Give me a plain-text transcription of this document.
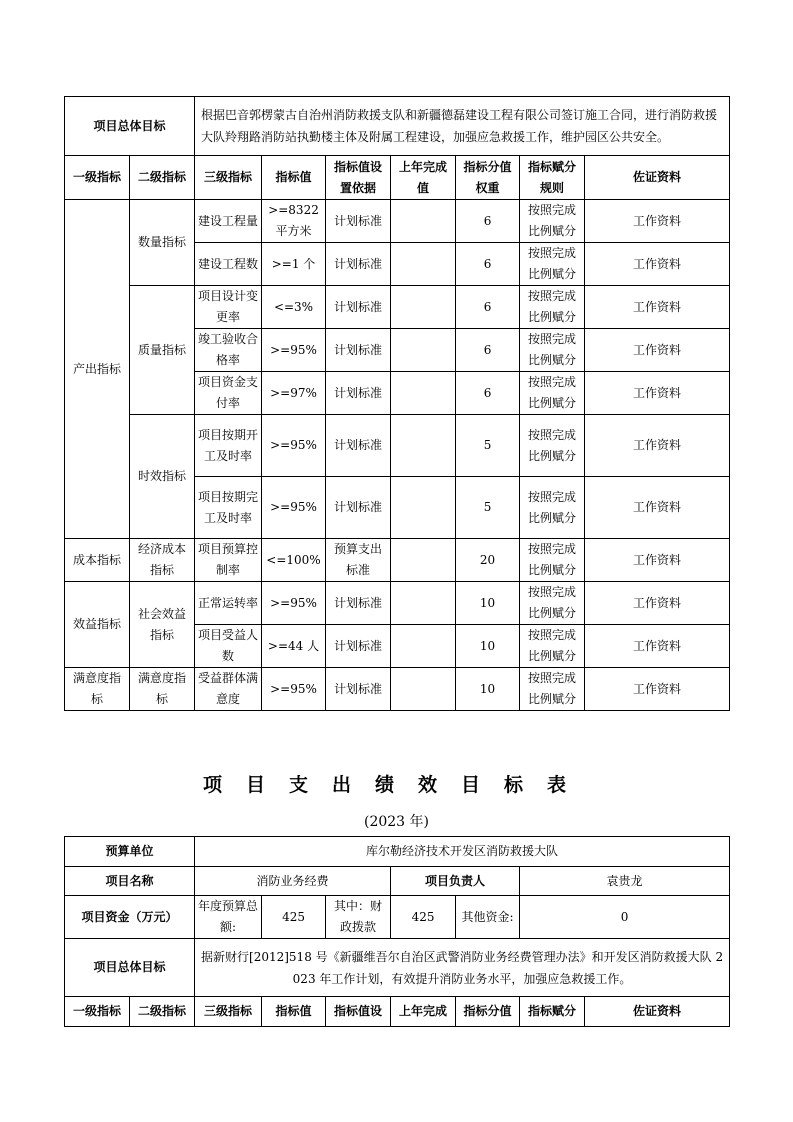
项目总体目标		根据巴音郭楞蒙古自治州消防救援支队和新疆德磊建设工程有限公司签订施工合同，进行消防救援大队羚翔路消防站执勤楼主体及附属工程建设，加强应急救援工作，维护园区公共安全。						
一级指标	二级指标	三级指标	指标值	指标值设置依据	上年完成值	指标分值权重	指标赋分规则	佐证资料
产出指标	数量指标	建设工程量	>=8322 平方米	计划标准		6	按照完成比例赋分	工作资料
		建设工程数	>=1 个	计划标准		6	按照完成比例赋分	工作资料
	质量指标	项目设计变更率	<=3%	计划标准		6	按照完成比例赋分	工作资料
		竣工验收合格率	>=95%	计划标准		6	按照完成比例赋分	工作资料
		项目资金支付率	>=97%	计划标准		6	按照完成比例赋分	工作资料
	时效指标	项目按期开工及时率	>=95%	计划标准		5	按照完成比例赋分	工作资料
		项目按期完工及时率	>=95%	计划标准		5	按照完成比例赋分	工作资料
成本指标	经济成本指标	项目预算控制率	<=100%	预算支出标准		20	按照完成比例赋分	工作资料
效益指标	社会效益指标	正常运转率	>=95%	计划标准		10	按照完成比例赋分	工作资料
		项目受益人数	>=44 人	计划标准		10	按照完成比例赋分	工作资料
满意度指标	满意度指标	受益群体满意度	>=95%	计划标准		10	按照完成比例赋分	工作资料
项目支出绩效目标表
(2023 年)
预算单位		库尔勒经济技术开发区消防救援大队						
项目名称		消防业务经费			项目负责人		袁贵龙	
项目资金（万元）		年度预算总额:	425	其中：财政拨款	425	其他资金:	0	
项目总体目标		据新财行[2012]518 号《新疆维吾尔自治区武警消防业务经费管理办法》和开发区消防救援大队 2023 年工作计划，有效提升消防业务水平，加强应急救援工作。						
一级指标	二级指标	三级指标	指标值	指标值设	上年完成	指标分值	指标赋分	佐证资料
